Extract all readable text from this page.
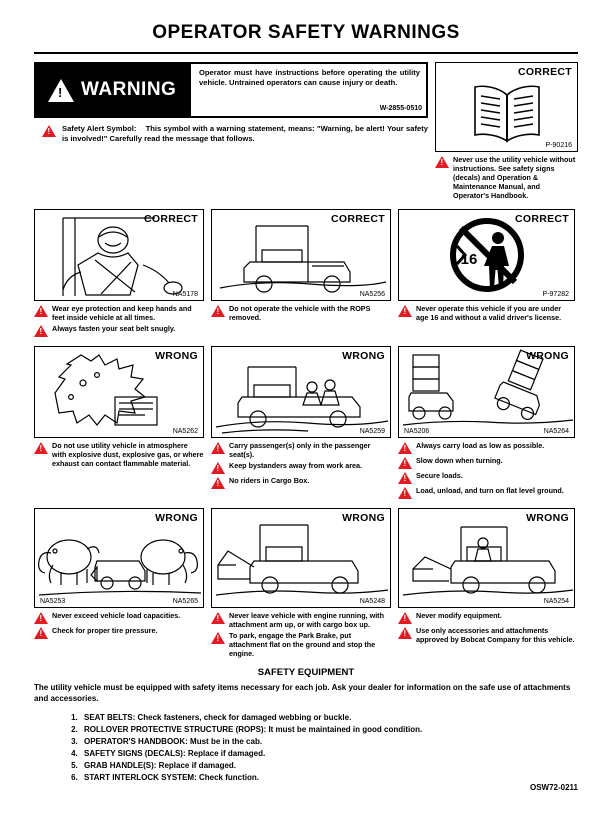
OPERATOR SAFETY WARNINGS
!
WARNING
Operator must have instructions before operating the utility vehicle. Untrained operators can cause injury or death.
W-2855-0510
!
Safety Alert Symbol: This symbol with a warning statement, means: "Warning, be alert! Your safety is involved!" Carefully read the message that follows.
CORRECT
P-90216
!
Never use the utility vehicle without instructions. See safety signs (decals) and Operation & Maintenance Manual, and Operator's Handbook.
CORRECT
NA5178
!
Wear eye protection and keep hands and feet inside vehicle at all times.
!
Always fasten your seat belt snugly.
CORRECT
NA5256
!
Do not operate the vehicle with the ROPS removed.
CORRECT
P-97282
16
!
Never operate this vehicle if you are under age 16 and without a valid driver's license.
WRONG
NA5262
!
Do not use utility vehicle in atmosphere with explosive dust, explosive gas, or where exhaust can contact flammable material.
WRONG
NA5259
!
Carry passenger(s) only in the passenger seat(s).
!
Keep bystanders away from work area.
!
No riders in Cargo Box.
WRONG
NA5206	NA5264
!
Always carry load as low as possible.
!
Slow down when turning.
!
Secure loads.
!
Load, unload, and turn on flat level ground.
WRONG
NA5253	NA5265
!
Never exceed vehicle load capacities.
!
Check for proper tire pressure.
WRONG
NA5248
!
Never leave vehicle with engine running, with attachment arm up, or with cargo box up.
!
To park, engage the Park Brake, put attachment flat on the ground and stop the engine.
WRONG
NA5254
!
Never modify equipment.
!
Use only accessories and attachments approved by Bobcat Company for this vehicle.
SAFETY EQUIPMENT
The utility vehicle must be equipped with safety items necessary for each job. Ask your dealer for information on the safe use of attachments and accessories.
1. SEAT BELTS: Check fasteners, check for damaged webbing or buckle.
2. ROLLOVER PROTECTIVE STRUCTURE (ROPS): It must be maintained in good condition.
3. OPERATOR'S HANDBOOK: Must be in the cab.
4. SAFETY SIGNS (DECALS): Replace if damaged.
5. GRAB HANDLE(S): Replace if damaged.
6. START INTERLOCK SYSTEM: Check function.
OSW72-0211
